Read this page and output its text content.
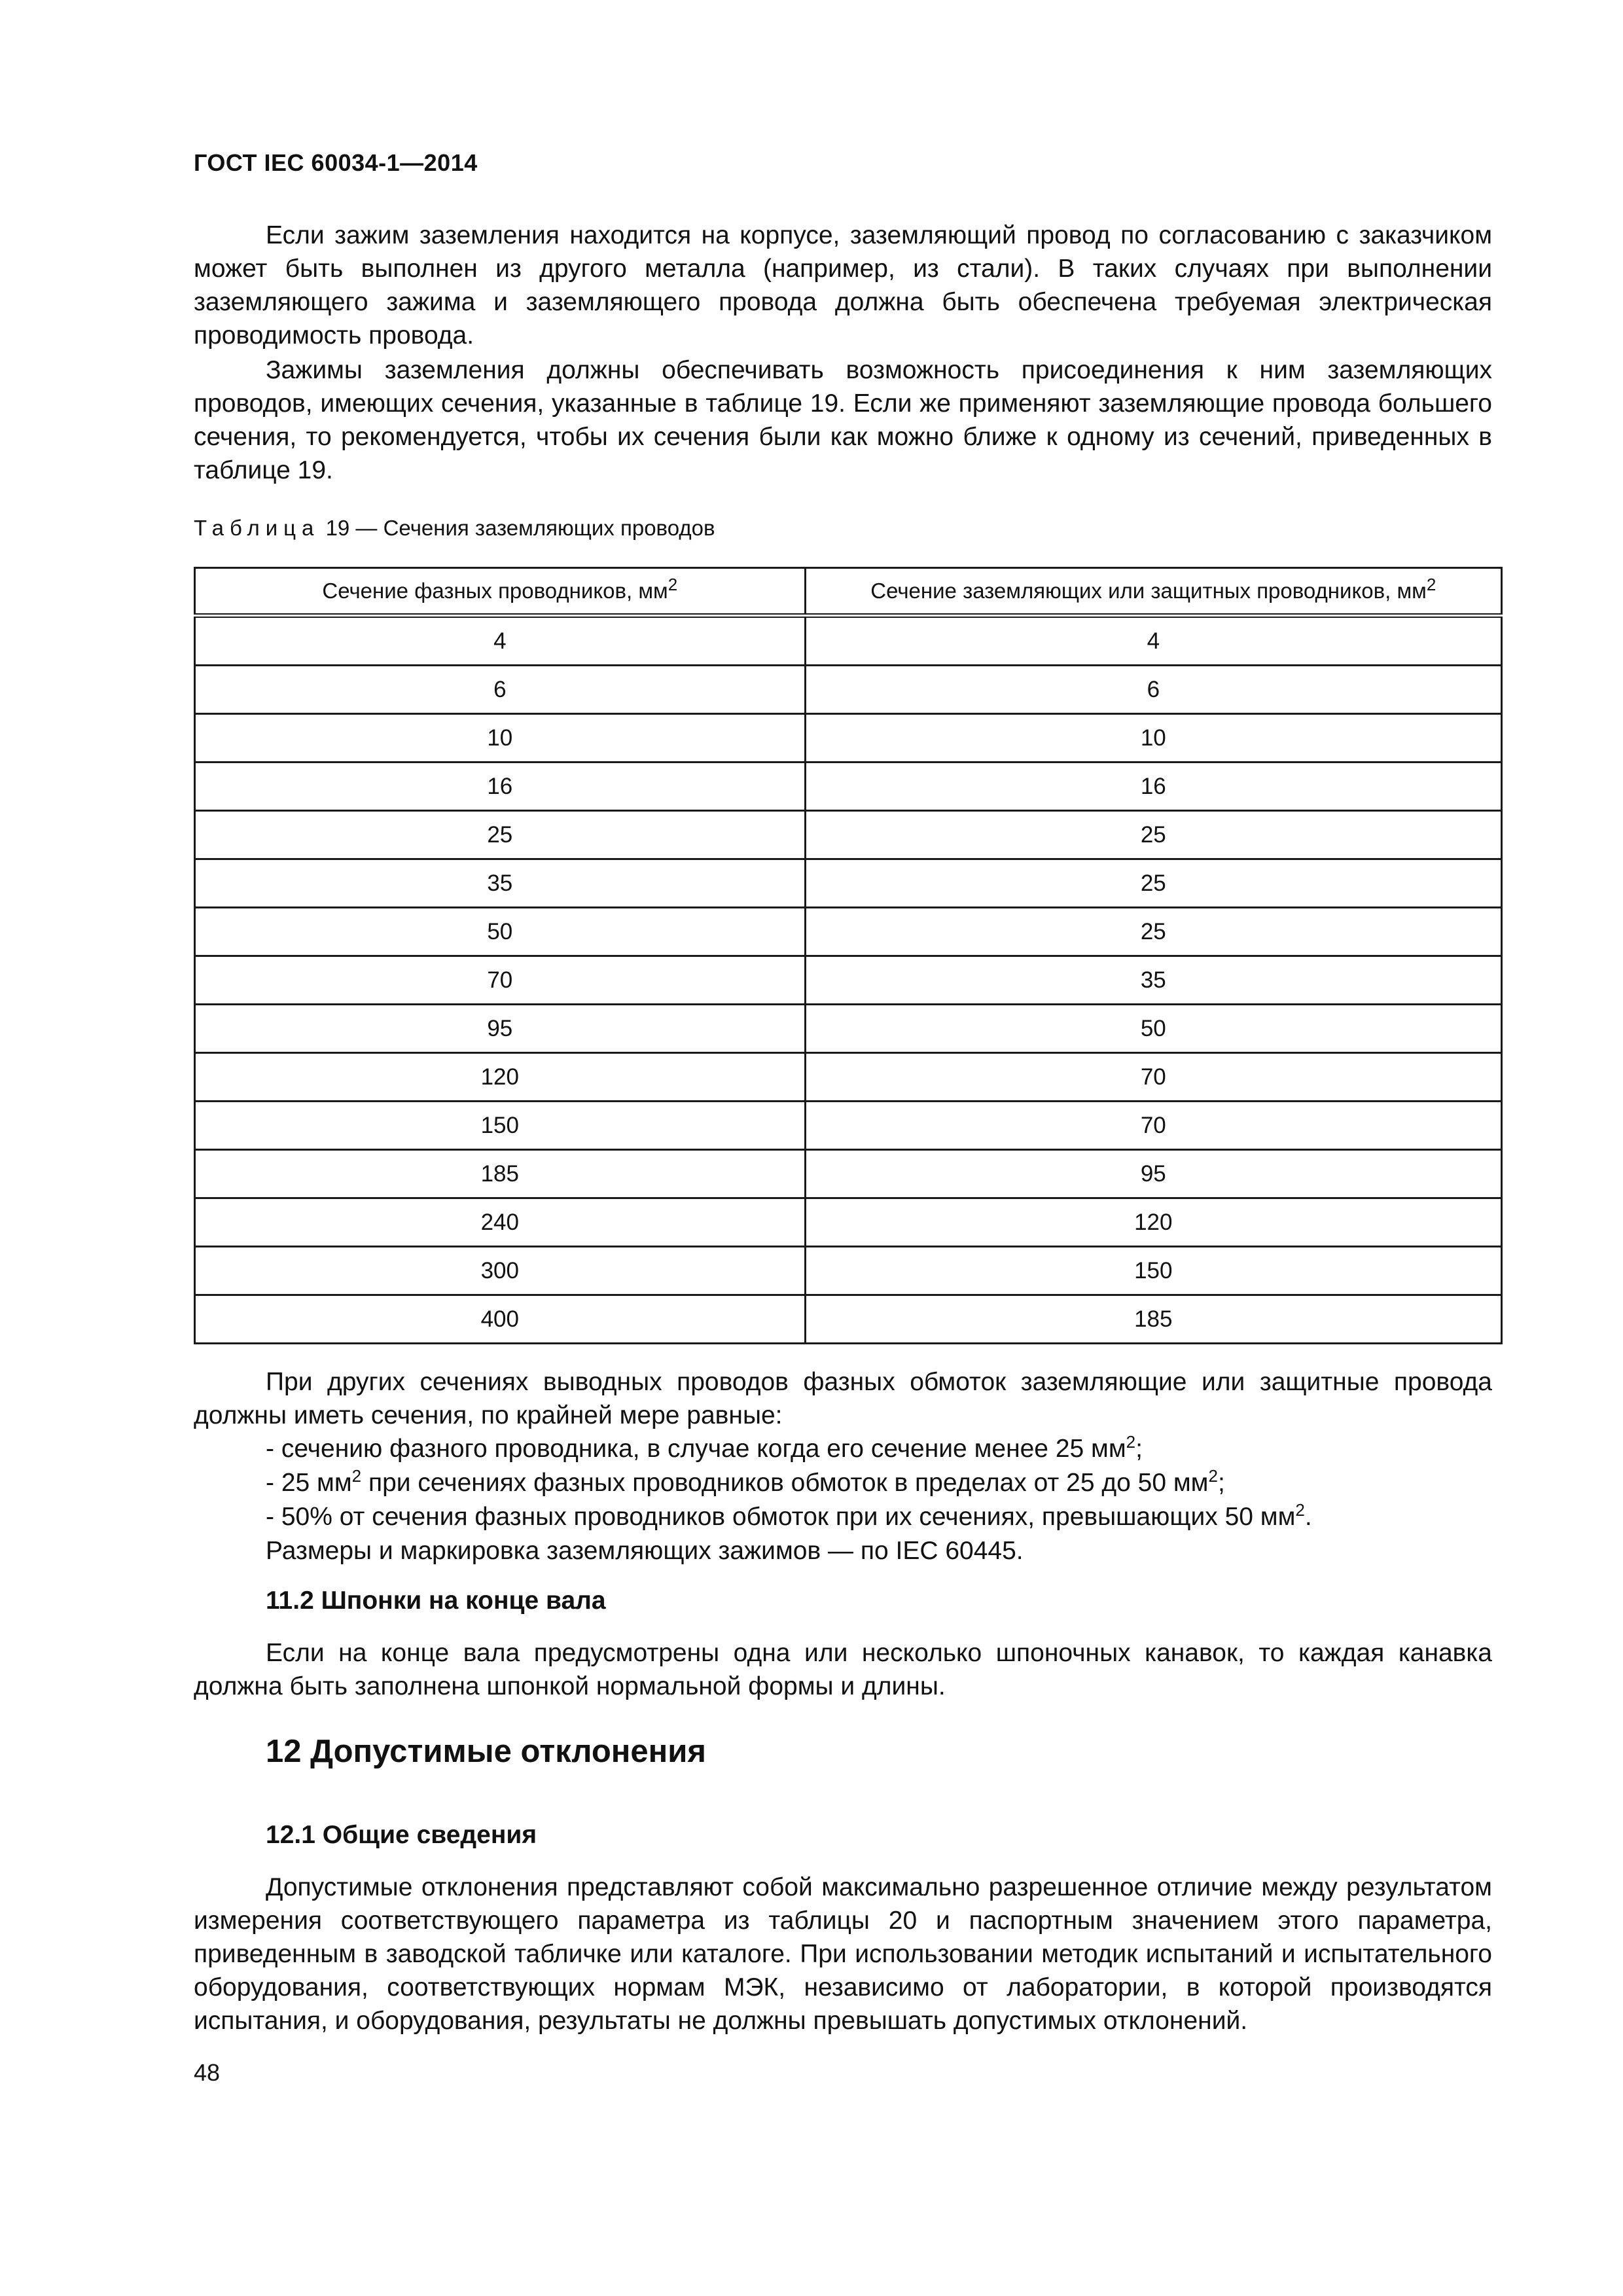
ГОСТ IEC 60034-1—2014
Если зажим заземления находится на корпусе, заземляющий провод по согласованию с заказчиком может быть выполнен из другого металла (например, из стали). В таких случаях при выполнении заземляющего зажима и заземляющего провода должна быть обеспечена требуемая электрическая проводимость провода.
Зажимы заземления должны обеспечивать возможность присоединения к ним заземляющих проводов, имеющих сечения, указанные в таблице 19. Если же применяют заземляющие провода большего сечения, то рекомендуется, чтобы их сечения были как можно ближе к одному из сечений, приведенных в таблице 19.
Таблица 19 — Сечения заземляющих проводов
Сечение фазных проводников, $мм^2$	Сечение заземляющих или защитных проводников, $мм^2$
4	4
6	6
10	10
16	16
25	25
35	25
50	25
70	35
95	50
120	70
150	70
185	95
240	120
300	150
400	185
При других сечениях выводных проводов фазных обмоток заземляющие или защитные провода должны иметь сечения, по крайней мере равные:
- сечению фазного проводника, в случае когда его сечение менее 25 $мм^2$;
- 25 $мм^2$ при сечениях фазных проводников обмоток в пределах от 25 до 50 $мм^2$;
- 50% от сечения фазных проводников обмоток при их сечениях, превышающих 50 $мм^2$.
Размеры и маркировка заземляющих зажимов — по IEC 60445.
11.2 Шпонки на конце вала
Если на конце вала предусмотрены одна или несколько шпоночных канавок, то каждая канавка должна быть заполнена шпонкой нормальной формы и длины.
12 Допустимые отклонения
12.1 Общие сведения
Допустимые отклонения представляют собой максимально разрешенное отличие между результатом измерения соответствующего параметра из таблицы 20 и паспортным значением этого параметра, приведенным в заводской табличке или каталоге. При использовании методик испытаний и испытательного оборудования, соответствующих нормам МЭК, независимо от лаборатории, в которой производятся испытания, и оборудования, результаты не должны превышать допустимых отклонений.
48
